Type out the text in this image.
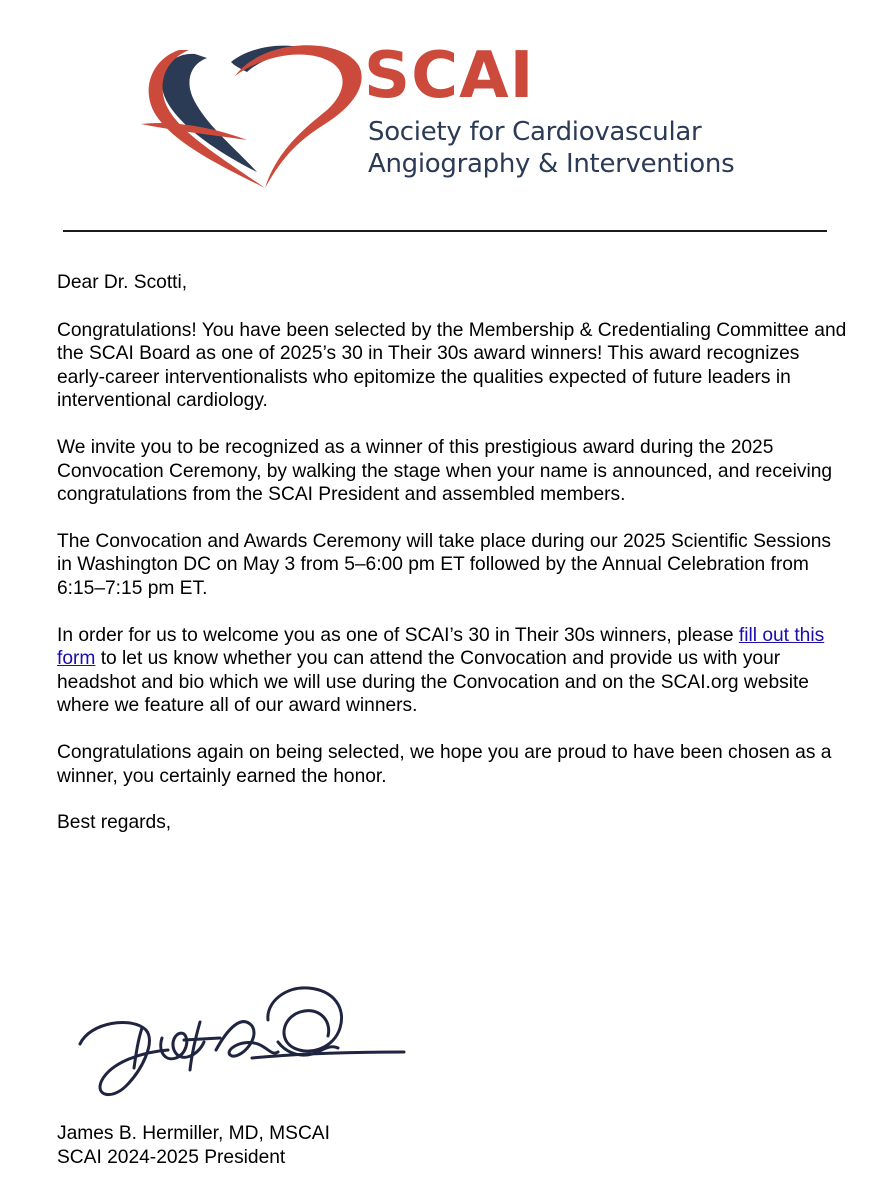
SCAI
Society for Cardiovascular
Angiography & Interventions

Dear Dr. Scotti,

Congratulations! You have been selected by the Membership & Credentialing Committee and the SCAI Board as one of 2025’s 30 in Their 30s award winners! This award recognizes early-career interventionalists who epitomize the qualities expected of future leaders in interventional cardiology.

We invite you to be recognized as a winner of this prestigious award during the 2025 Convocation Ceremony, by walking the stage when your name is announced, and receiving congratulations from the SCAI President and assembled members.

The Convocation and Awards Ceremony will take place during our 2025 Scientific Sessions in Washington DC on May 3 from 5–6:00 pm ET followed by the Annual Celebration from 6:15–7:15 pm ET.

In order for us to welcome you as one of SCAI’s 30 in Their 30s winners, please fill out this form to let us know whether you can attend the Convocation and provide us with your headshot and bio which we will use during the Convocation and on the SCAI.org website where we feature all of our award winners.

Congratulations again on being selected, we hope you are proud to have been chosen as a winner, you certainly earned the honor.

Best regards,

James B. Hermiller, MD, MSCAI
SCAI 2024-2025 President
